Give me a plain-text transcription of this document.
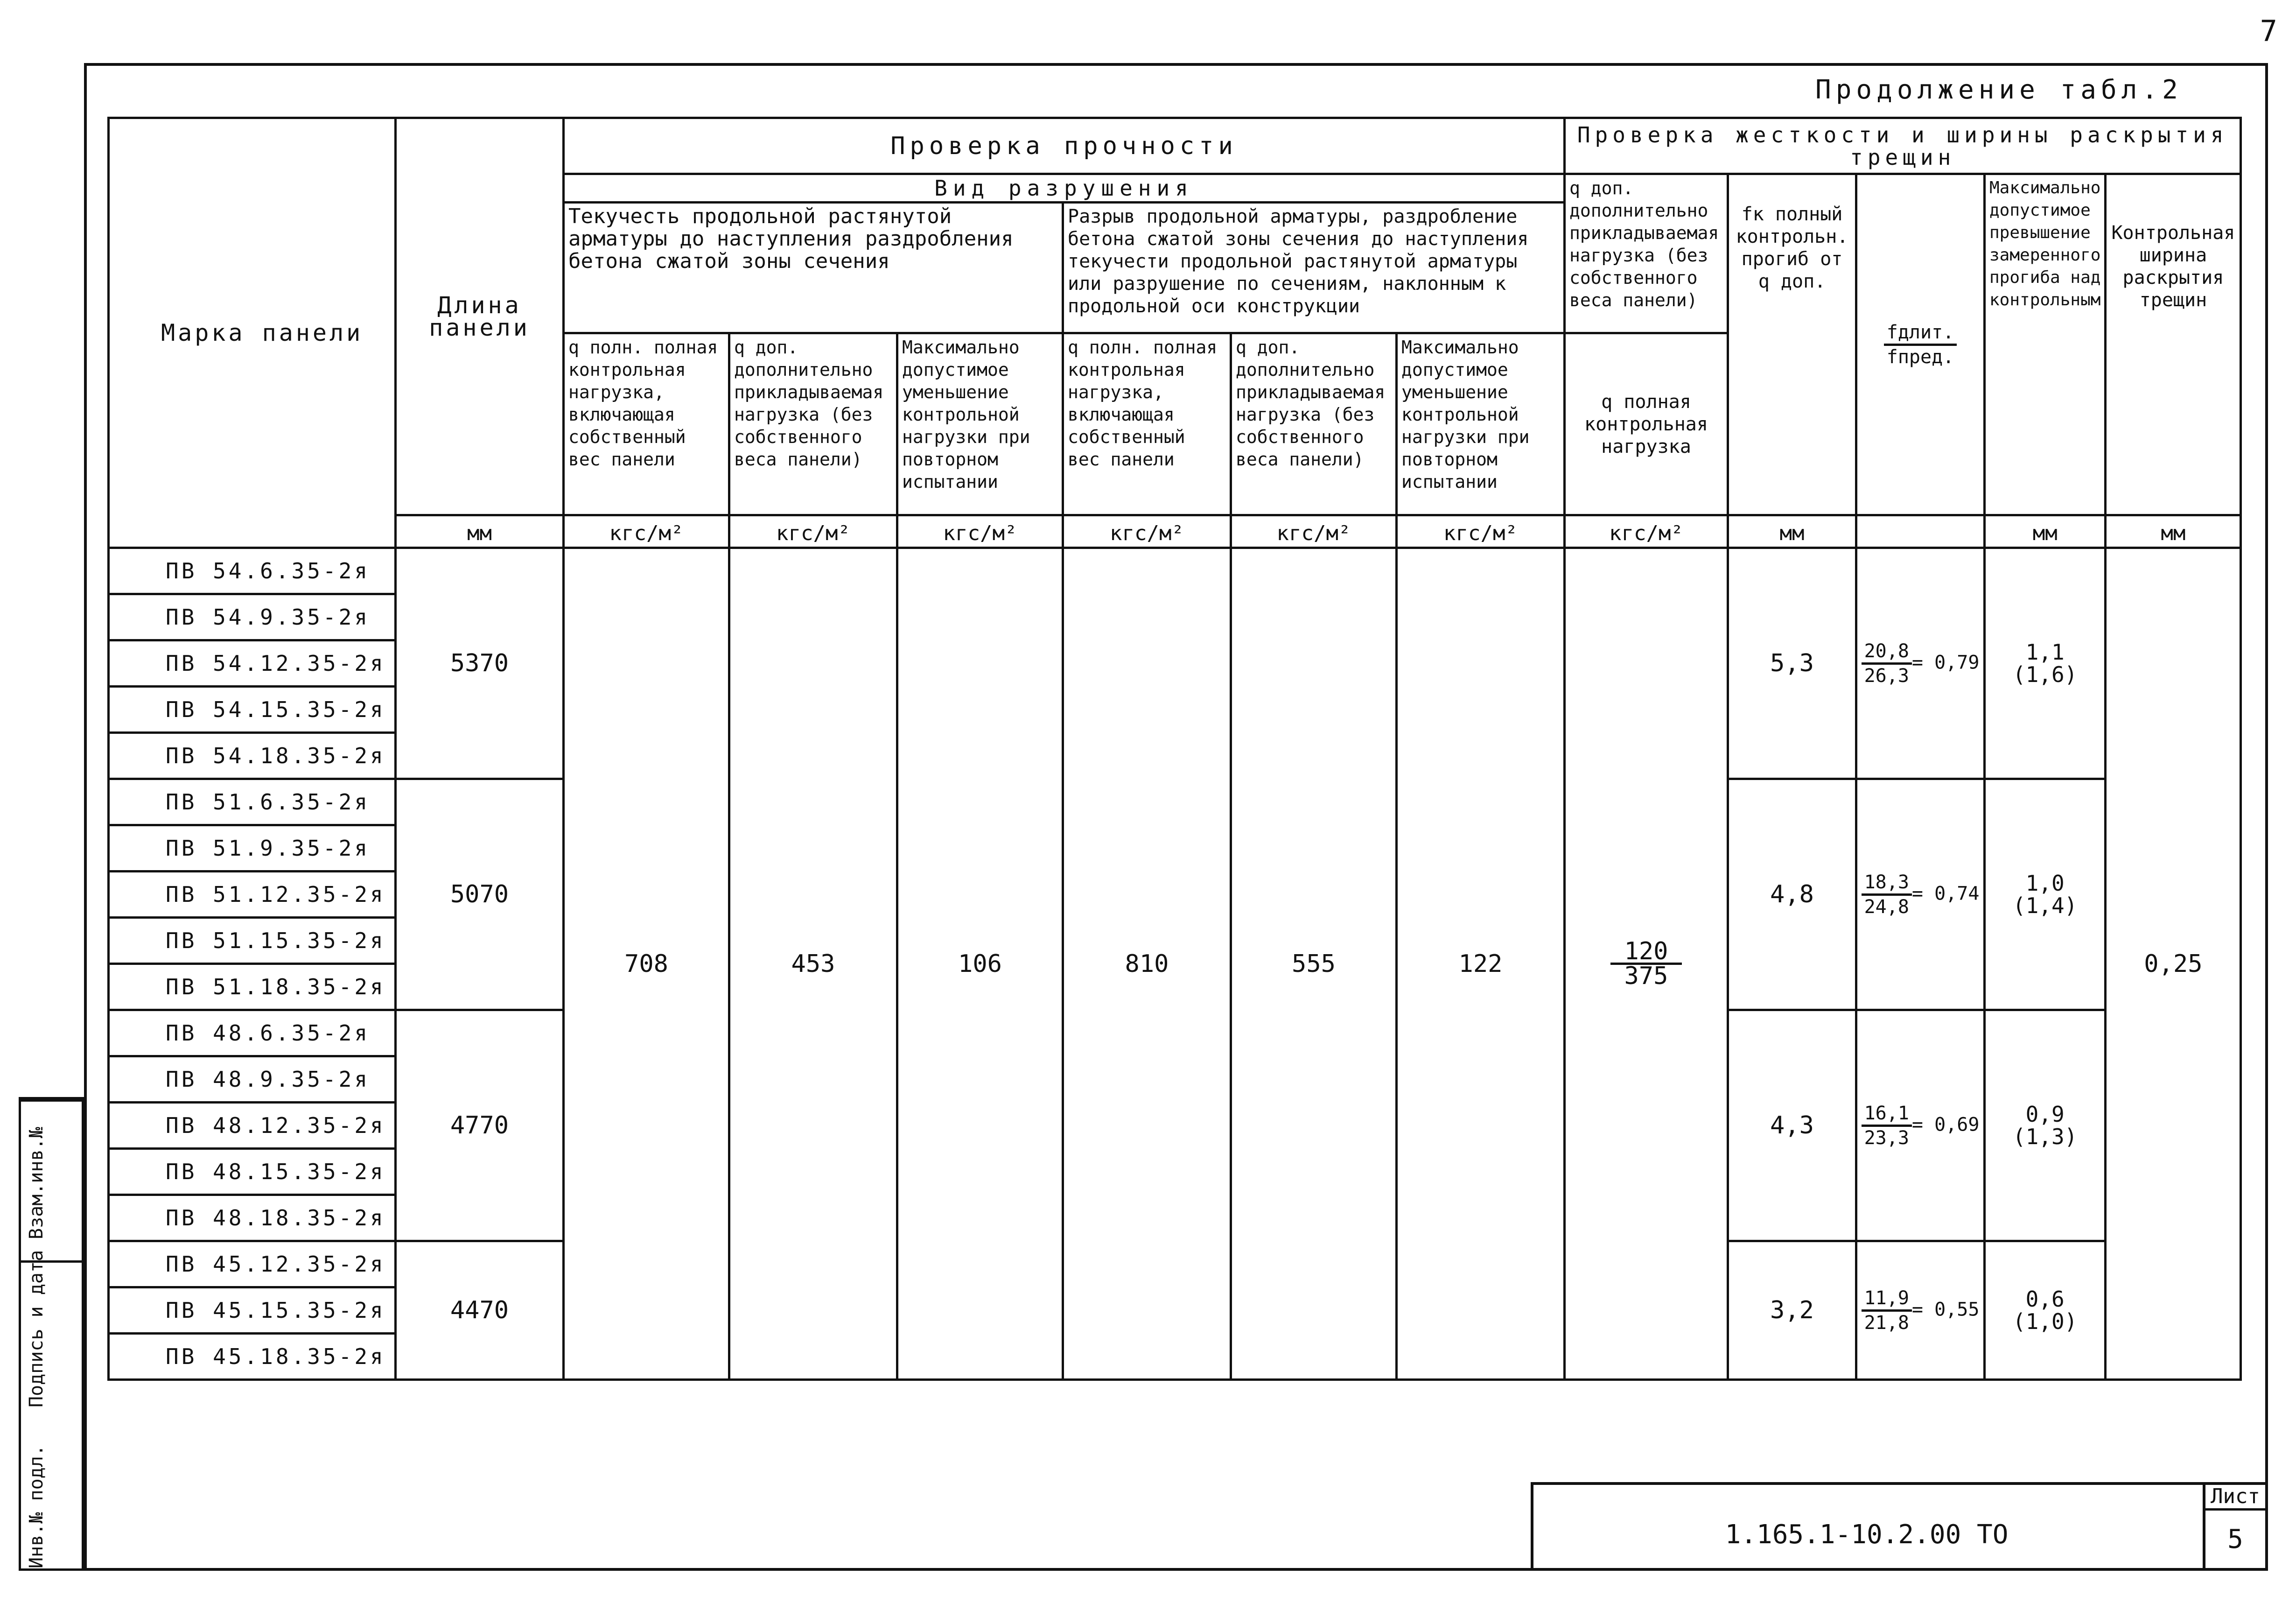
7
Продолжение табл.2
Марка панели	Длина панели	Проверка прочности						Проверка жесткости и ширины раскрытия трещин				
		Вид разрушения						q доп. дополнительно прикладываемая нагрузка (без собственного веса панели)	fк полный контрольн. прогиб от q доп.	$\frac{\text{fдлит.}}{\text{fпред.}}$	Максимально допустимое превышение замеренного прогиба над контрольным	Контрольная ширина раскрытия трещин
		Текучесть продольной растянутой арматуры до наступления раздробления бетона сжатой зоны сечения			Разрыв продольной арматуры, раздробление бетона сжатой зоны сечения до наступления текучести продольной растянутой арматуры или разрушение по сечениям, наклонным к продольной оси конструкции							
		q полн. полная контрольная нагрузка, включающая собственный вес панели	q доп. дополнительно прикладываемая нагрузка (без собственного веса панели)	Максимально допустимое уменьшение контрольной нагрузки при повторном испытании	q полн. полная контрольная нагрузка, включающая собственный вес панели	q доп. дополнительно прикладываемая нагрузка (без собственного веса панели)	Максимально допустимое уменьшение контрольной нагрузки при повторном испытании	q полная контрольная нагрузка				
	мм	кгс/м²	кгс/м²	кгс/м²	кгс/м²	кгс/м²	кгс/м²	кгс/м²	мм		мм	мм
ПВ 54.6.35-2я	5370	708	453	106	810	555	122	$\frac{120}{375}$	5,3	$\frac{20,8}{26,3} = 0,79$	1,1 (1,6)	0,25
ПВ 54.9.35-2я												
ПВ 54.12.35-2я												
ПВ 54.15.35-2я												
ПВ 54.18.35-2я												
ПВ 51.6.35-2я	5070								4,8	$\frac{18,3}{24,8} = 0,74$	1,0 (1,4)	
ПВ 51.9.35-2я												
ПВ 51.12.35-2я												
ПВ 51.15.35-2я												
ПВ 51.18.35-2я												
ПВ 48.6.35-2я	4770								4,3	$\frac{16,1}{23,3} = 0,69$	0,9 (1,3)	
ПВ 48.9.35-2я												
ПВ 48.12.35-2я												
ПВ 48.15.35-2я												
ПВ 48.18.35-2я												
ПВ 45.12.35-2я	4470								3,2	$\frac{11,9}{21,8} = 0,55$	0,6 (1,0)	
ПВ 45.15.35-2я												
ПВ 45.18.35-2я												
Инв.№ подл.
Подпись и дата
Взам.инв.№
1.165.1-10.2.00 ТО
Лист
5
